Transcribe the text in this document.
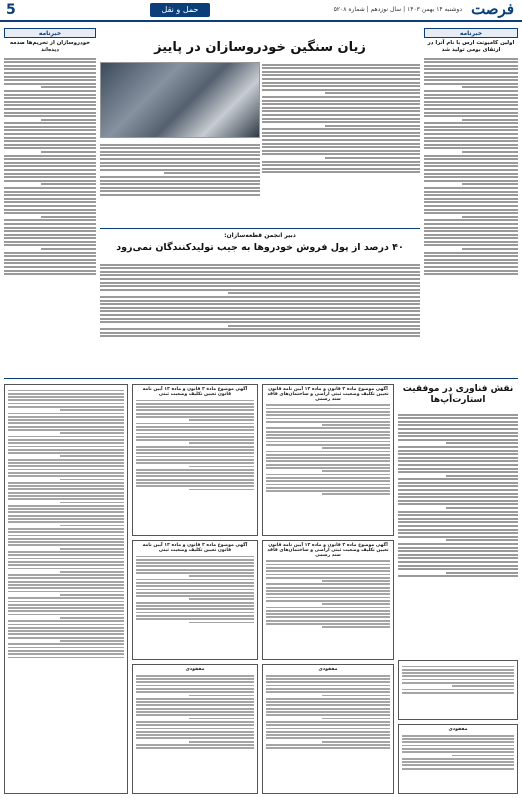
5	حمل و نقل	دوشنبه ۱۴ بهمن ۱۴۰۳ | سال نوزدهم | شماره ۵۲۰۸ فرصت
خبرنامه
خودروسازان از تحریم‌ها صدمه دیده‌اند	زیان سنگین خودروسازان در پاییز
خبرنامه
اولین کامیونت ارس با نام آترا در ارتقای بومی تولید شد
دبیر انجمن قطعه‌سازان:
۴۰ درصد از پول فروش خودروها به جیب تولیدکنندگان نمی‌رود
نقش فناوری در موفقیت استارت‌آپ‌ها
آگهی موضوع ماده ۳ قانون و ماده ۱۳ آیین نامه قانون تعیین تکلیف وضعیت ثبتی اراضی و ساختمان‌های فاقد سند رسمی
آگهی موضوع ماده ۳ قانون و ماده ۱۳ آیین نامه قانون تعیین تکلیف وضعیت ثبتی اراضی و ساختمان‌های فاقد سند رسمی
آگهی موضوع ماده ۳ قانون و ماده ۱۳ آیین نامه قانون تعیین تکلیف وضعیت ثبتی
آگهی موضوع ماده ۳ قانون و ماده ۱۳ آیین نامه قانون تعیین تکلیف وضعیت ثبتی
مفقودی
مفقودی
مفقودی
